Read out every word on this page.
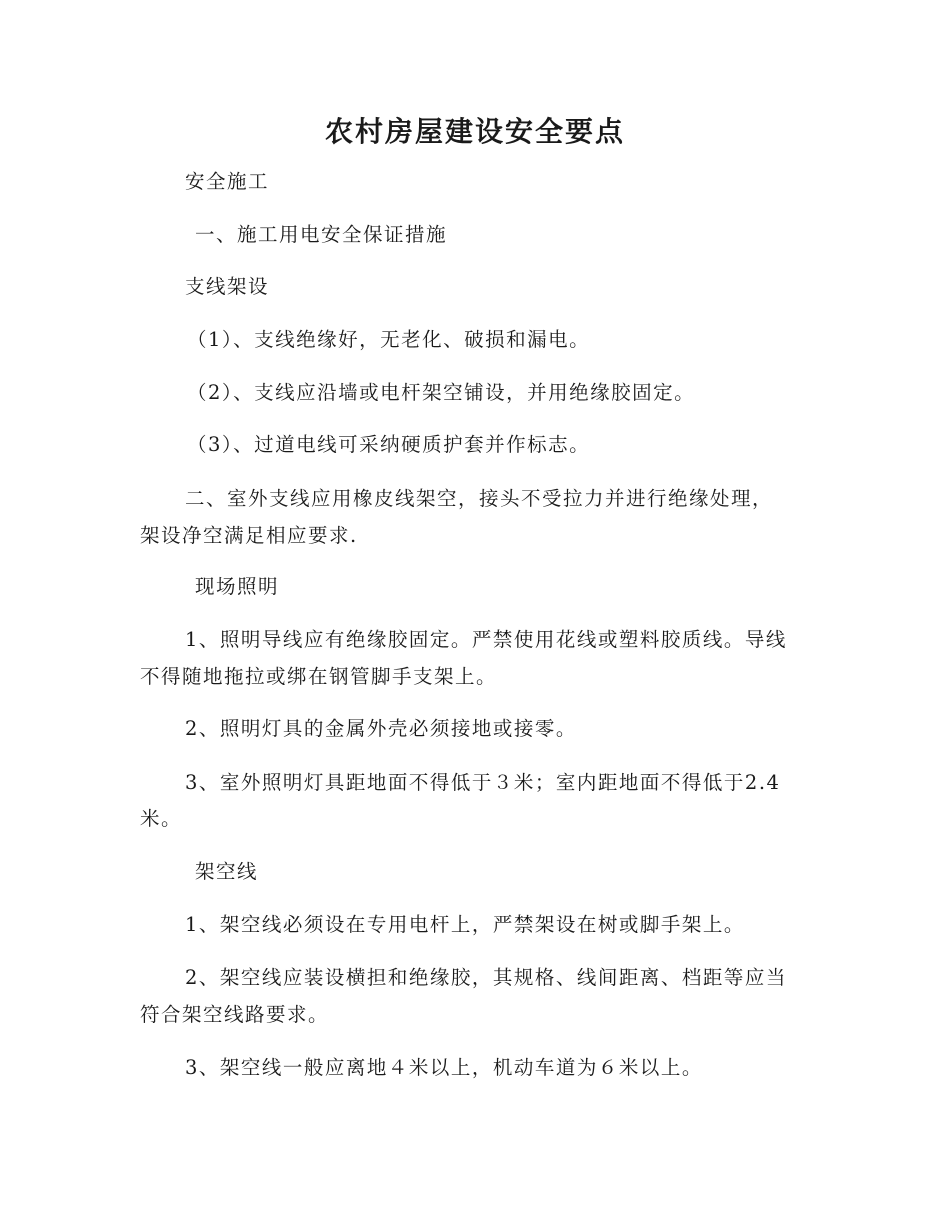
农村房屋建设安全要点
安全施工
一、施工用电安全保证措施
支线架设
（1）、支线绝缘好，无老化、破损和漏电。
（2）、支线应沿墙或电杆架空铺设，并用绝缘胶固定。
（3）、过道电线可采纳硬质护套并作标志。
二、室外支线应用橡皮线架空，接头不受拉力并进行绝缘处理，
架设净空满足相应要求.
现场照明
1、照明导线应有绝缘胶固定。严禁使用花线或塑料胶质线。导线
不得随地拖拉或绑在钢管脚手支架上。
2、照明灯具的金属外壳必须接地或接零。
3、室外照明灯具距地面不得低于３米；室内距地面不得低于2.4
米。
架空线
1、架空线必须设在专用电杆上，严禁架设在树或脚手架上。
2、架空线应装设横担和绝缘胶，其规格、线间距离、档距等应当
符合架空线路要求。
3、架空线一般应离地４米以上，机动车道为６米以上。
